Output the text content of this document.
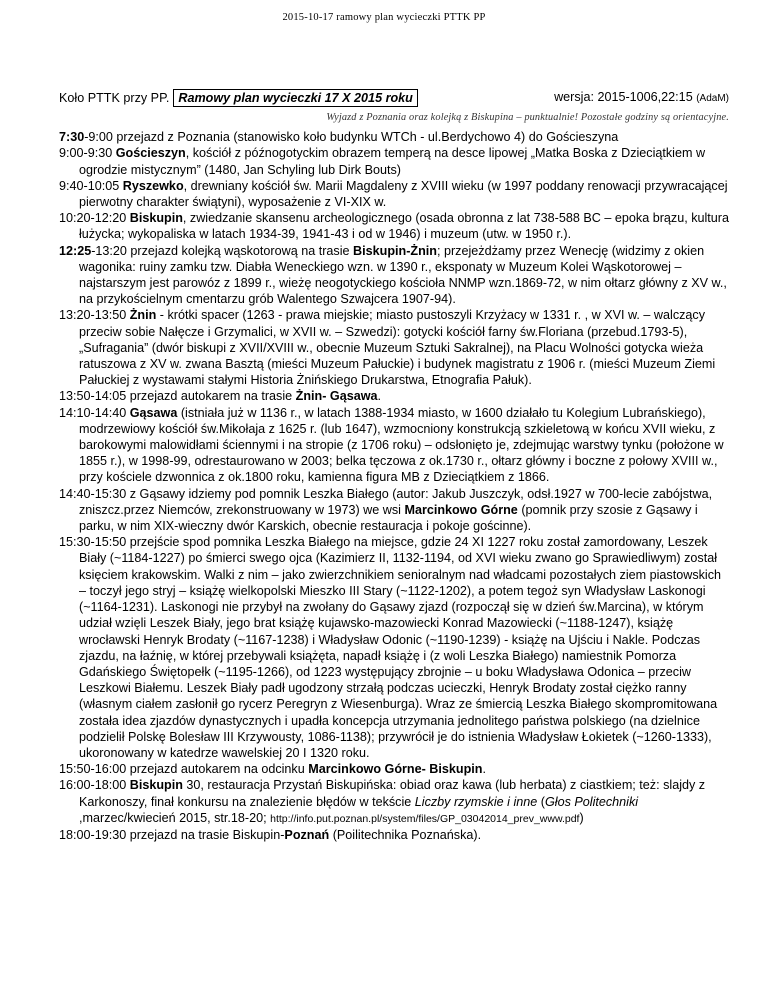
2015-10-17 ramowy plan wycieczki PTTK PP
Koło PTTK przy PP. Ramowy plan wycieczki 17 X 2015 roku	wersja: 2015-1006,22:15 (AdaM)
Wyjazd z Poznania oraz kolejką z Biskupina – punktualnie! Pozostałe godziny są orientacyjne.

7:30-9:00 przejazd z Poznania (stanowisko koło budynku WTCh - ul.Berdychowo 4) do Gościeszyna

9:00-9:30 Gościeszyn, kościół z późnogotyckim obrazem temperą na desce lipowej „Matka Boska z Dzieciątkiem w ogrodzie mistycznym” (1480, Jan Schyling lub Dirk Bouts)

9:40-10:05 Ryszewko, drewniany kościół św. Marii Magdaleny z XVIII wieku (w 1997 poddany renowacji przywracającej pierwotny charakter świątyni), wyposażenie z VI-XIX w.

10:20-12:20 Biskupin, zwiedzanie skansenu archeologicznego (osada obronna z lat 738-588 BC – epoka brązu, kultura łużycka; wykopaliska w latach 1934-39, 1941-43 i od w 1946) i muzeum (utw. w 1950 r.).

12:25-13:20 przejazd kolejką wąskotorową na trasie Biskupin-Żnin; przejeżdżamy przez Wenecję (widzimy z okien wagonika: ruiny zamku tzw. Diabła Weneckiego wzn. w 1390 r., eksponaty w Muzeum Kolei Wąskotorowej – najstarszym jest parowóz z 1899 r., wieżę neogotyckiego kościoła NNMP wzn.1869-72, w nim ołtarz główny z XV w., na przykościelnym cmentarzu grób Walentego Szwajcera 1907-94).

13:20-13:50 Żnin - krótki spacer (1263 - prawa miejskie; miasto pustoszyli Krzyżacy w 1331 r. , w XVI w. – walczący przeciw sobie Nałęcze i Grzymalici, w XVII w. – Szwedzi): gotycki kościół farny św.Floriana (przebud.1793-5), „Sufragania” (dwór biskupi z XVII/XVIII w., obecnie Muzeum Sztuki Sakralnej), na Placu Wolności gotycka wieża ratuszowa z XV w. zwana Basztą (mieści Muzeum Pałuckie) i budynek magistratu z 1906 r. (mieści Muzeum Ziemi Pałuckiej z wystawami stałymi Historia Żnińskiego Drukarstwa, Etnografia Pałuk).

13:50-14:05 przejazd autokarem na trasie Żnin- Gąsawa.

14:10-14:40 Gąsawa (istniała już w 1136 r., w latach 1388-1934 miasto, w 1600 działało tu Kolegium Lubrańskiego), modrzewiowy kościół św.Mikołaja z 1625 r. (lub 1647), wzmocniony konstrukcją szkieletową w końcu XVII wieku, z barokowymi malowidłami ściennymi i na stropie (z 1706 roku) – odsłonięto je, zdejmując warstwy tynku (położone w 1855 r.), w 1998-99, odrestaurowano w 2003; belka tęczowa z ok.1730 r., ołtarz główny i boczne z połowy XVIII w., przy kościele dzwonnica z ok.1800 roku, kamienna figura MB z Dzieciątkiem z 1866.

14:40-15:30 z Gąsawy idziemy pod pomnik Leszka Białego (autor: Jakub Juszczyk, odsł.1927 w 700-lecie zabójstwa, zniszcz.przez Niemców, zrekonstruowany w 1973) we wsi Marcinkowo Górne (pomnik przy szosie z Gąsawy i parku, w nim XIX-wieczny dwór Karskich, obecnie restauracja i pokoje gościnne).

15:30-15:50 przejście spod pomnika Leszka Białego na miejsce, gdzie 24 XI 1227 roku został zamordowany, Leszek Biały (~1184-1227) po śmierci swego ojca (Kazimierz II, 1132-1194, od XVI wieku zwano go Sprawiedliwym) został księciem krakowskim. Walki z nim – jako zwierzchnikiem senioralnym nad władcami pozostałych ziem piastowskich – toczył jego stryj – książę wielkopolski Mieszko III Stary (~1122-1202), a potem tegoż syn Władysław Laskonogi (~1164-1231). Laskonogi nie przybył na zwołany do Gąsawy zjazd (rozpoczął się w dzień św.Marcina), w którym udział wzięli Leszek Biały, jego brat książę kujawsko-mazowiecki Konrad Mazowiecki (~1188-1247), książę wrocławski Henryk Brodaty (~1167-1238) i Władysław Odonic (~1190-1239) - książę na Ujściu i Nakle. Podczas zjazdu, na łaźnię, w której przebywali książęta, napadł książę i (z woli Leszka Białego) namiestnik Pomorza Gdańskiego Świętopełk (~1195-1266), od 1223 występujący zbrojnie – u boku Władysława Odonica – przeciw Leszkowi Białemu. Leszek Biały padł ugodzony strzałą podczas ucieczki, Henryk Brodaty został ciężko ranny (własnym ciałem zasłonił go rycerz Peregryn z Wiesenburga). Wraz ze śmiercią Leszka Białego skompromitowana została idea zjazdów dynastycznych i upadła koncepcja utrzymania jednolitego państwa polskiego (na dzielnice podzielił Polskę Bolesław III Krzywousty, 1086-1138); przywrócił je do istnienia Władysław Łokietek (~1260-1333), ukoronowany w katedrze wawelskiej 20 I 1320 roku.

15:50-16:00 przejazd autokarem na odcinku Marcinkowo Górne- Biskupin.

16:00-18:00 Biskupin 30, restauracja Przystań Biskupińska: obiad oraz kawa (lub herbata) z ciastkiem; też: slajdy z Karkonoszy, finał konkursu na znalezienie błędów w tekście Liczby rzymskie i inne (Głos Politechniki ,marzec/kwiecień 2015, str.18-20; http://info.put.poznan.pl/system/files/GP_03042014_prev_www.pdf)

18:00-19:30 przejazd na trasie Biskupin-Poznań (Poilitechnika Poznańska).
